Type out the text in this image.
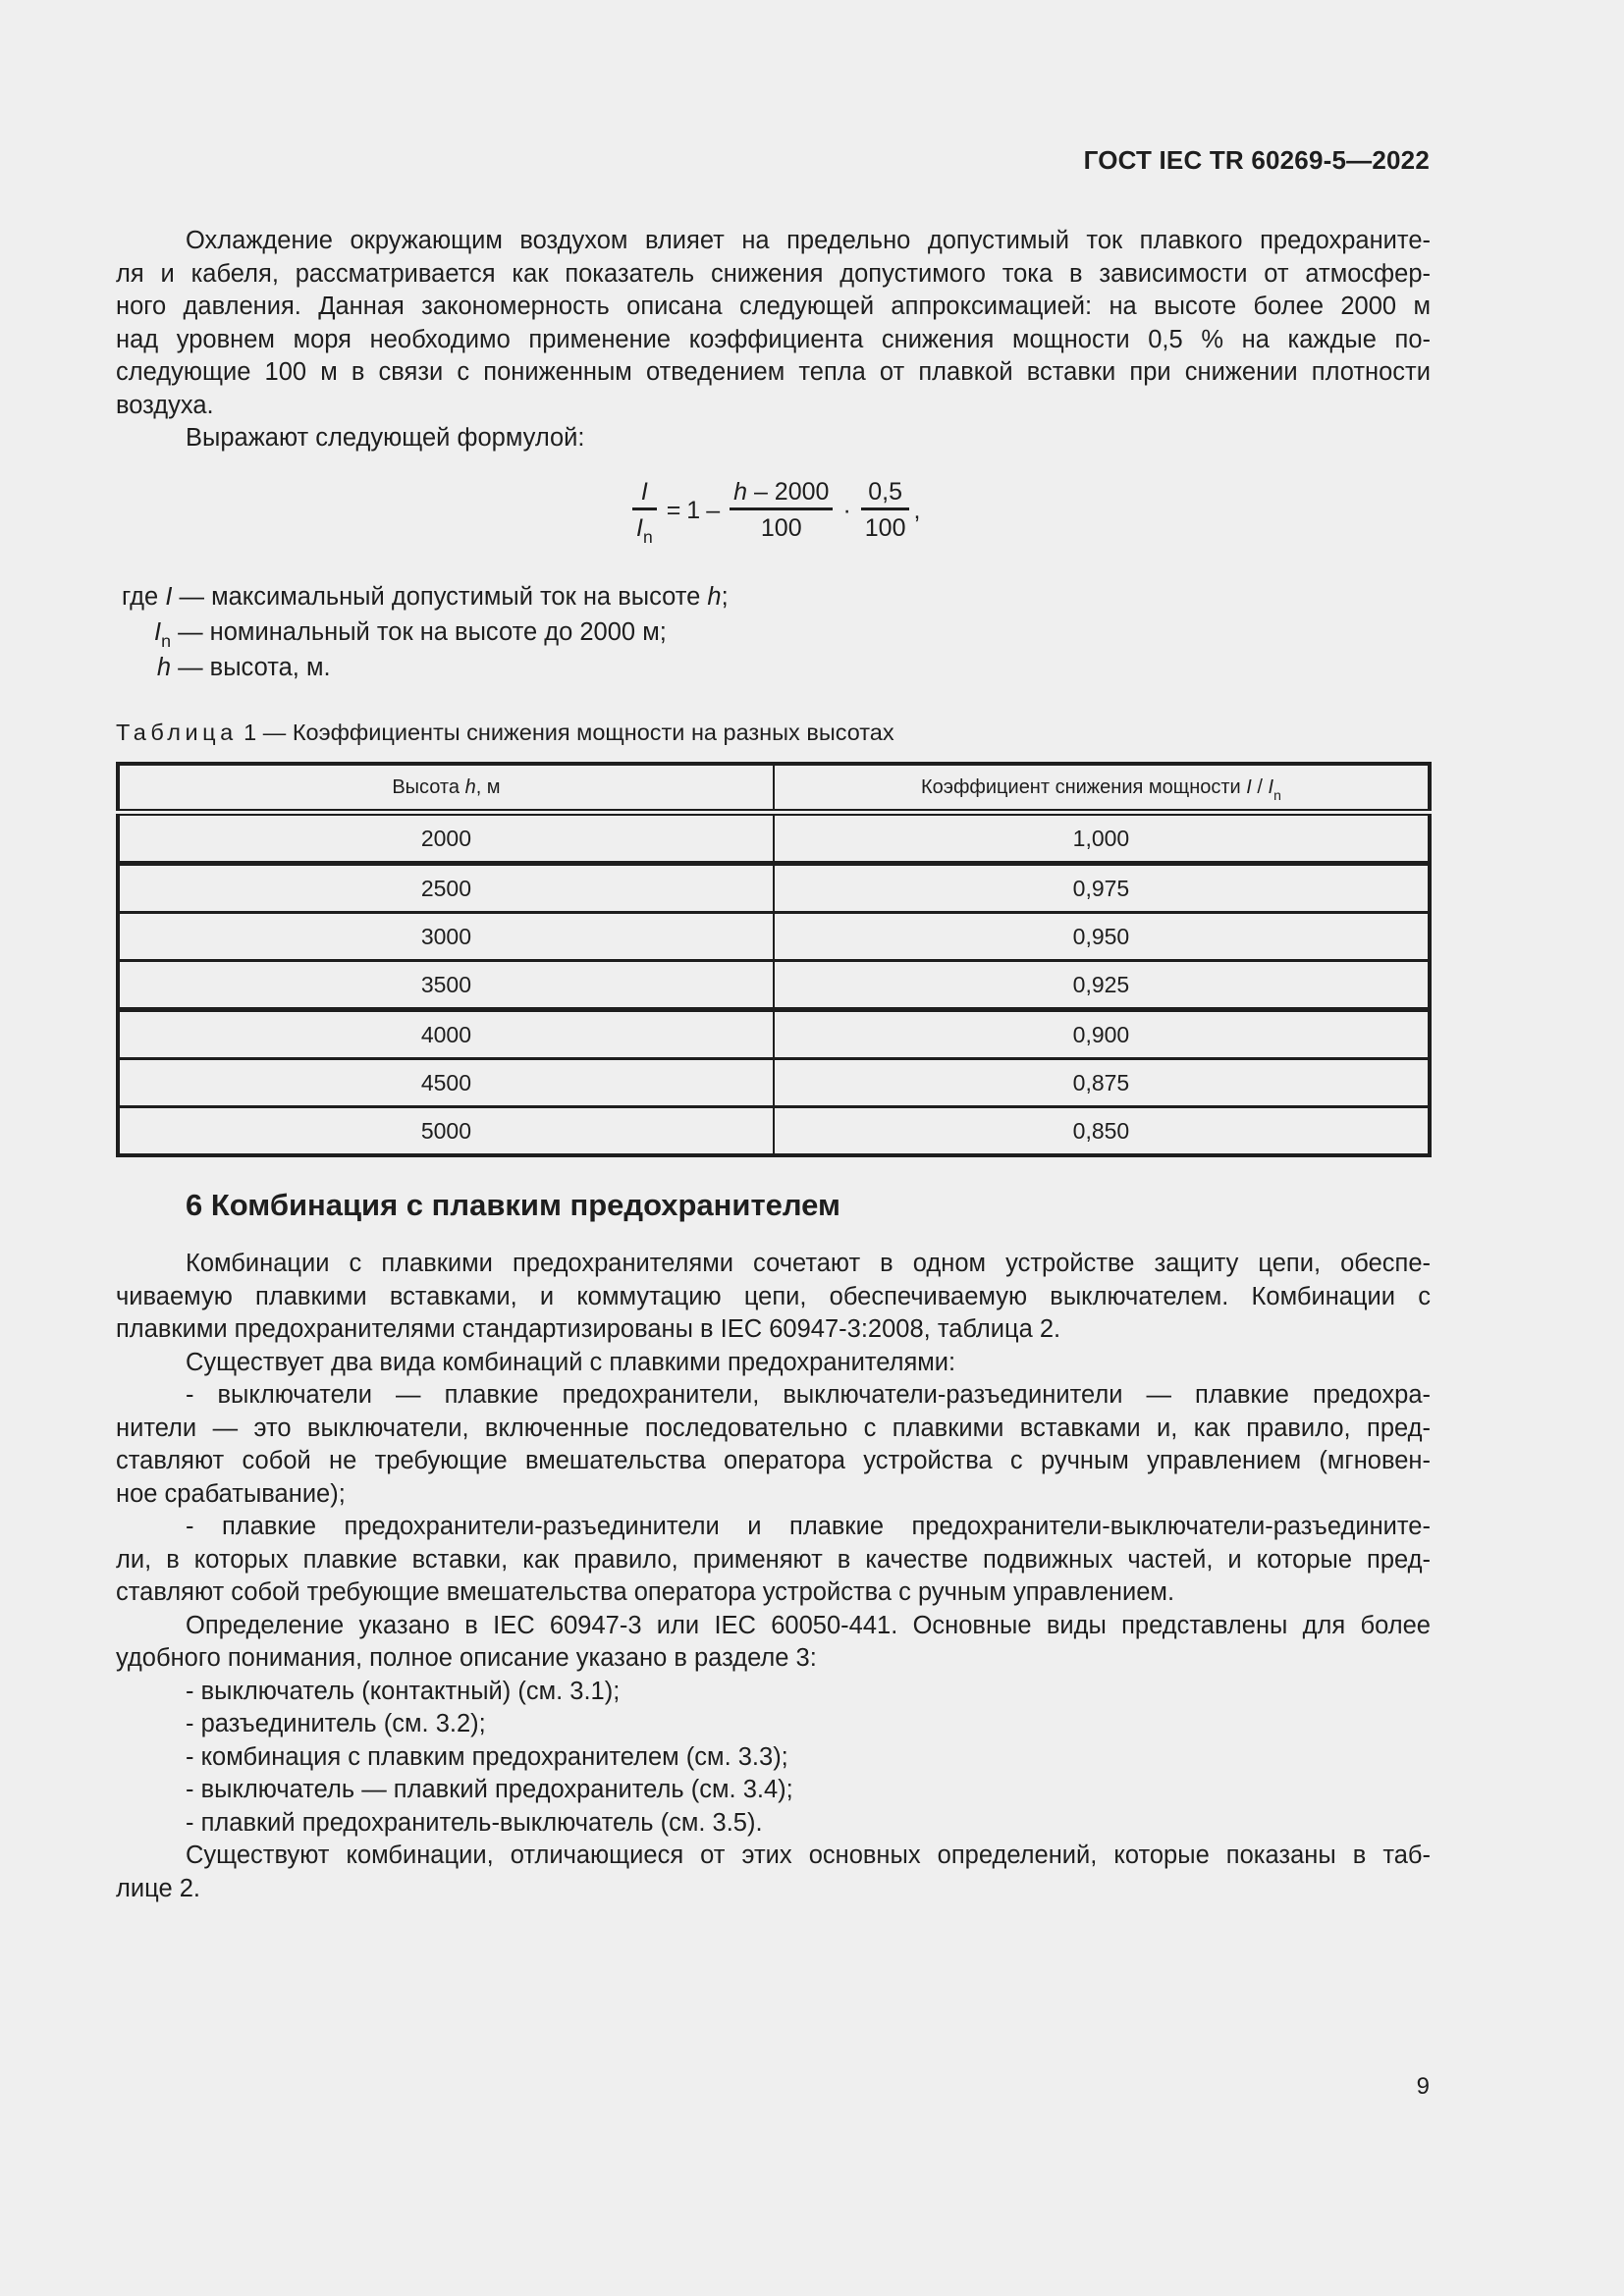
ГОСТ IEC TR 60269-5—2022
Охлаждение окружающим воздухом влияет на предельно допустимый ток плавкого предохраните-
ля и кабеля, рассматривается как показатель снижения допустимого тока в зависимости от атмосфер-
ного давления. Данная закономерность описана следующей аппроксимацией: на высоте более 2000 м
над уровнем моря необходимо применение коэффициента снижения мощности 0,5 % на каждые по-
следующие 100 м в связи с пониженным отведением тепла от плавкой вставки при снижении плотности
воздуха.
Выражают следующей формулой:
$\frac{I}{I_n} = 1 - \frac{h - 2000}{100} \cdot \frac{0,5}{100}$ ,
где I — максимальный допустимый ток на высоте h;
$I_n$ — номинальный ток на высоте до 2000 м;
h — высота, м.
Таблица 1 — Коэффициенты снижения мощности на разных высотах
Высота h, м	Коэффициент снижения мощности I / $I_n$
2000	1,000
2500	0,975
3000	0,950
3500	0,925
4000	0,900
4500	0,875
5000	0,850
6 Комбинация с плавким предохранителем
Комбинации с плавкими предохранителями сочетают в одном устройстве защиту цепи, обеспе-
чиваемую плавкими вставками, и коммутацию цепи, обеспечиваемую выключателем. Комбинации с
плавкими предохранителями стандартизированы в IEC 60947-3:2008, таблица 2.
Существует два вида комбинаций с плавкими предохранителями:
- выключатели — плавкие предохранители, выключатели-разъединители — плавкие предохра-
нители — это выключатели, включенные последовательно с плавкими вставками и, как правило, пред-
ставляют собой не требующие вмешательства оператора устройства с ручным управлением (мгновен-
ное срабатывание);
- плавкие предохранители-разъединители и плавкие предохранители-выключатели-разъедините-
ли, в которых плавкие вставки, как правило, применяют в качестве подвижных частей, и которые пред-
ставляют собой требующие вмешательства оператора устройства с ручным управлением.
Определение указано в IEC 60947-3 или IEC 60050-441. Основные виды представлены для более
удобного понимания, полное описание указано в разделе 3:
- выключатель (контактный) (см. 3.1);
- разъединитель (см. 3.2);
- комбинация с плавким предохранителем (см. 3.3);
- выключатель — плавкий предохранитель (см. 3.4);
- плавкий предохранитель-выключатель (см. 3.5).
Существуют комбинации, отличающиеся от этих основных определений, которые показаны в таб-
лице 2.
9
